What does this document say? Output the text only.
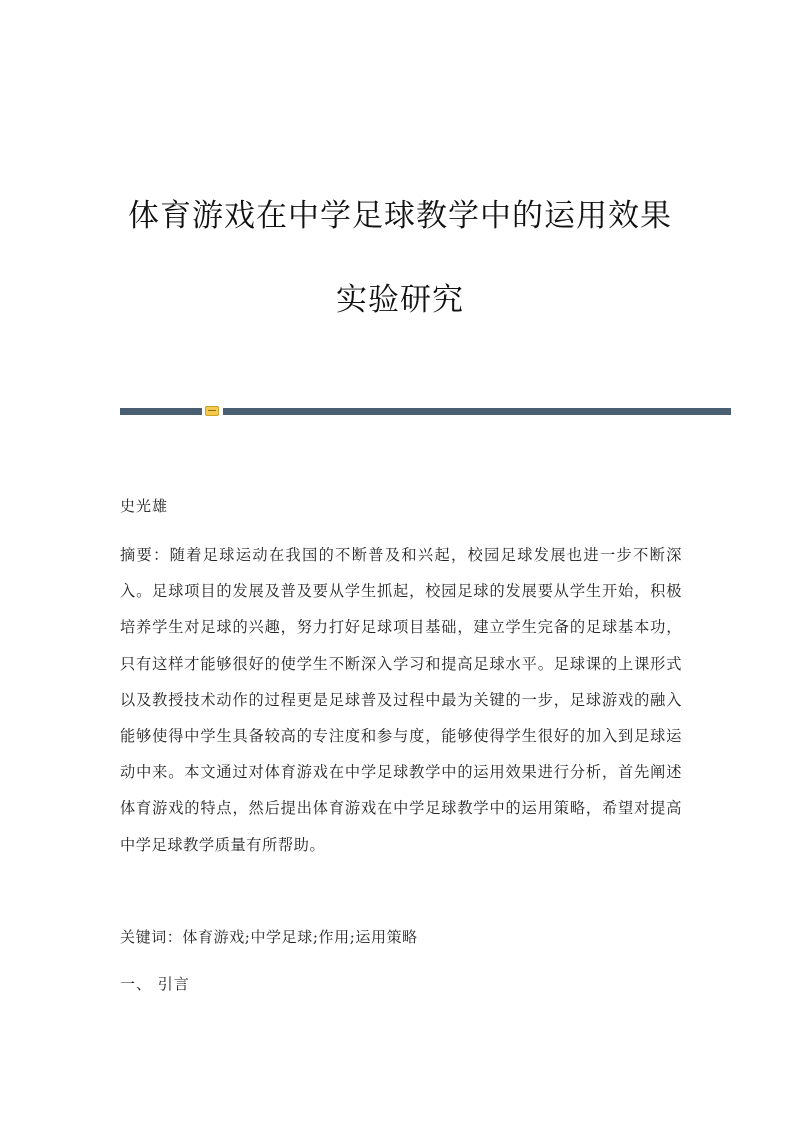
体育游戏在中学足球教学中的运用效果
实验研究
史光雄

摘要：随着足球运动在我国的不断普及和兴起，校园足球发展也进一步不断深入。足球项目的发展及普及要从学生抓起，校园足球的发展要从学生开始，积极培养学生对足球的兴趣，努力打好足球项目基础，建立学生完备的足球基本功，只有这样才能够很好的使学生不断深入学习和提高足球水平。足球课的上课形式以及教授技术动作的过程更是足球普及过程中最为关键的一步，足球游戏的融入能够使得中学生具备较高的专注度和参与度，能够使得学生很好的加入到足球运动中来。本文通过对体育游戏在中学足球教学中的运用效果进行分析，首先阐述体育游戏的特点，然后提出体育游戏在中学足球教学中的运用策略，希望对提高中学足球教学质量有所帮助。

关键词：体育游戏;中学足球;作用;运用策略
一、 引言
